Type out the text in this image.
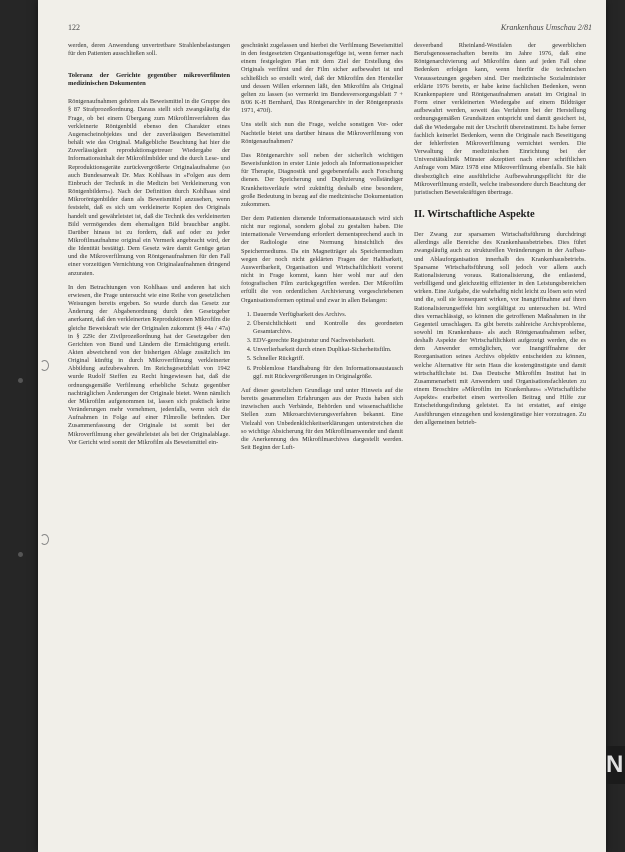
122	Krankenhaus Umschau 2/81

werden, deren Anwendung unvertretbare Strahlenbelastungen für den Patienten ausschließen soll.

Toleranz der Gerichte gegenüber mikroverfilmten medizinischen Dokumenten

Röntgenaufnahmen gehören als Beweismittel in die Gruppe des § 87 Strafprozeßordnung. Daraus stellt sich zwangsläufig die Frage, ob bei einem Übergang zum Mikrofilmverfahren das verkleinerte Röntgenbild ebenso den Charakter eines Augenscheinobjektes und der zuverlässigen Beweismittel behält wie das Original. Maßgebliche Beachtung hat hier die Zuverlässigkeit reproduktionsgetreuer Wiedergabe der Informationsinhalt der Mikrofilmbilder und die durch Lese- und Reproduktionsgeräte zurückvergrößerte Originalaufnahme (so auch Bundesanwalt Dr. Max Kohlhaas in »Folgen aus dem Einbruch der Technik in die Medizin bei Verkleinerung von Röntgenbildern«). Nach der Definition durch Kohlhaas sind Mikroröntgenbilder dann als Beweismittel anzusehen, wenn feststeht, daß es sich um verkleinerte Kopien des Originals handelt und gewährleistet ist, daß die Technik des verkleinerten Bild vermögendes dem ehemaligen Bild brauchbar angibt. Darüber hinaus ist zu fordern, daß auf oder zu jeder Mikrofilmaufnahme original ein Vermerk angebracht wird, der die Identität bestätigt. Dem Gesetz wäre damit Genüge getan und die Mikroverfilmung von Röntgenaufnahmen für den Fall einer vorzeitigen Vernichtung von Originalaufnahmen dringend anzuraten.

In den Betrachtungen von Kohlhaas und anderen hat sich erwiesen, die Frage untersucht wie eine Reihe von gesetzlichen Weisungen bereits ergeben. So wurde durch das Gesetz zur Änderung der Abgabenordnung durch den Gesetzgeber anerkannt, daß den verkleinerten Reproduktionen Mikrofilm die gleiche Beweiskraft wie der Originalen zukommt (§ 44a / 47a) in § 229c der Zivilprozeßordnung hat der Gesetzgeber den Gerichten von Bund und Ländern die Ermächtigung erteilt. Akten abweichend von der bisherigen Ablage zusätzlich im Original künftig in durch Mikroverfilmung verkleinerter Abbildung aufzubewahren. Im Reichsgesetzblatt von 1942 wurde Rudolf Steffen zu Recht hingewiesen hat, daß die ordnungsgemäße Verfilmung erhebliche Schutz gegenüber nachträglichen Änderungen der Originale bietet. Wenn nämlich der Mikrofilm aufgenommen ist, lassen sich praktisch keine Veränderungen mehr vornehmen, jedenfalls, wenn sich die Aufnahmen in Folge auf einer Filmrolle befinden. Der Zusammenfassung der Originale ist somit bei der Mikroverfilmung eher gewährleistet als bei der Originalablage. Vor Gericht wird somit der Mikrofilm als Beweismittel ein-

geschränkt zugelassen und hierbei die Verfilmung Beweismittel in den festgesetzten Organisationsgefüge ist, wenn ferner nach einem festgelegten Plan mit dem Ziel der Erstellung des Originals verfilmt und der Film sicher aufbewahrt ist und schließlich so erstellt wird, daß der Mikrofilm den Hersteller und dessen Willen erkennen läßt, den Mikrofilm als Original gelten zu lassen (so vermerkt im Bundesversorgungsblatt 7 + 8/06 K-H Bernhard, Das Röntgenarchiv in der Röntgenpraxis 1971, 470f).

Uns stellt sich nun die Frage, welche sonstigen Vor- oder Nachteile bietet uns darüber hinaus die Mikroverfilmung von Röntgenaufnahmen?

Das Röntgenarchiv soll neben der sicherlich wichtigen Beweisfunktion in erster Linie jedoch als Informationsspeicher für Therapie, Diagnostik und gegebenenfalls auch Forschung dienen. Der Speicherung und Duplizierung vollständiger Krankheitsverläufe wird zukünftig deshalb eine besondere, große Bedeutung in bezug auf die medizinische Dokumentation zukommen.

Der dem Patienten dienende Informationsaustausch wird sich nicht nur regional, sondern global zu gestalten haben. Die internationale Verwendung erfordert dementsprechend auch in der Radiologie eine Normung hinsichtlich des Speichermediums. Da ein Magnetträger als Speichermedium wegen der noch nicht geklärten Fragen der Haltbarkeit, Auswertbarkeit, Organisation und Wirtschaftlichkeit vorerst nicht in Frage kommt, kann hier wohl nur auf den fotografischen Film zurückgegriffen werden. Der Mikrofilm erfüllt die von ordentlichen Archivierung vorgeschriebenen Organisationsformen optimal und zwar in allen Belangen:

1. Dauernde Verfügbarkeit des Archivs.
2. Übersichtlichkeit und Kontrolle des geordneten Gesamtarchivs.
3. EDV-gerechte Registratur und Nachweisbarkeit.
4. Unverlierbarkeit durch einen Duplikat-Sicherheitsfilm.
5. Schneller Rückgriff.
6. Problemlose Handhabung für den Informationsaustausch ggf. mit Rückvergrößerungen in Originalgröße.

Auf dieser gesetzlichen Grundlage und unter Hinweis auf die bereits gesammelten Erfahrungen aus der Praxis haben sich inzwischen auch Verbände, Behörden und wissenschaftliche Stellen zum Mikroarchivierungsverfahren bekannt. Eine Vielzahl von Unbedenklichkeitserklärungen unterstreichen die so wichtige Absicherung für den Mikrofilmanwender und damit die Anerkennung des Mikrofilmarchives dargestellt werden. Seit Beginn der Luft-

desverband Rheinland-Westfalen der gewerblichen Berufsgenossenschaften bereits im Jahre 1976, daß eine Röntgenarchivierung auf Mikrofilm dann auf jeden Fall ohne Bedenken erfolgen kann, wenn hierfür die technischen Voraussetzungen gegeben sind. Der medizinische Sozialminister erklärte 1976 bereits, er habe keine fachlichen Bedenken, wenn Krankenpapiere und Röntgenaufnahmen anstatt im Original in Form einer verkleinerten Wiedergabe auf einem Bildträger aufbewahrt werden, soweit das Verfahren bei der Herstellung ordnungsgemäßen Grundsätzen entspricht und damit gesichert ist, daß die Wiedergabe mit der Urschrift übereinstimmt. Es habe ferner fachlich keinerlei Bedenken, wenn die Originale nach Beseitigung der fehlerfreien Mikroverfilmung vernichtet werden. Die Verwaltung der medizinischen Einrichtung bei der Universitätsklinik Münster akzeptiert nach einer schriftlichen Anfrage vom März 1978 eine Mikroverfilmung ebenfalls. Sie hält diesbezüglich eine ausführliche Aufbewahrungspflicht für die Mikroverfilmung erstellt, welche insbesondere durch Beachtung der juristischen Beweiskräftigen übertrage.

II. Wirtschaftliche Aspekte

Der Zwang zur sparsamen Wirtschaftsführung durchdringt allerdings alle Bereiche des Krankenhausbetriebes. Dies führt zwangsläufig auch zu strukturellen Veränderungen in der Aufbau- und Ablauforganisation innerhalb des Krankenhausbetriebs. Sparsame Wirtschaftsführung soll jedoch vor allem auch Rationalisierung voraus. Rationalisierung, die entlastend, verbilligend und gleichzeitig effizienter in den Leistungsbereichen wirken. Eine Aufgabe, die wahrhaftig nicht leicht zu lösen sein wird und die, soll sie konsequent wirken, vor Inangriffnahme auf ihren Rationalisierungseffekt hin sorgfältigst zu untersuchen ist. Wird dies vernachlässigt, so können die getroffenen Maßnahmen in ihr Gegenteil umschlagen. Es gibt bereits zahlreiche Archivprobleme, sowohl im Krankenhaus- als auch Röntgenaufnahmen selber, deshalb Aspekte der Wirtschaftlichkeit aufgezeigt werden, die es dem Anwender ermöglichen, vor Inangriffnahme der Reorganisation seines Archivs objektiv entscheiden zu können, welche Alternative für sein Haus die kostengünstigste und damit wirtschaftlichste ist. Das Deutsche Mikrofilm Institut hat in Zusammenarbeit mit Anwendern und Organisationsfachleuten zu einem Broschüre »Mikrofilm im Krankenhaus« »Wirtschaftliche Aspekte« erarbeitet einen wertvollen Beitrag und Hilfe zur Entscheidungsfindung geleistet. Es ist erstattet, auf einige Ausführungen einzugehen und kostengünstige hier vorzutragen. Zu den allgemeinen betrieb-

N
